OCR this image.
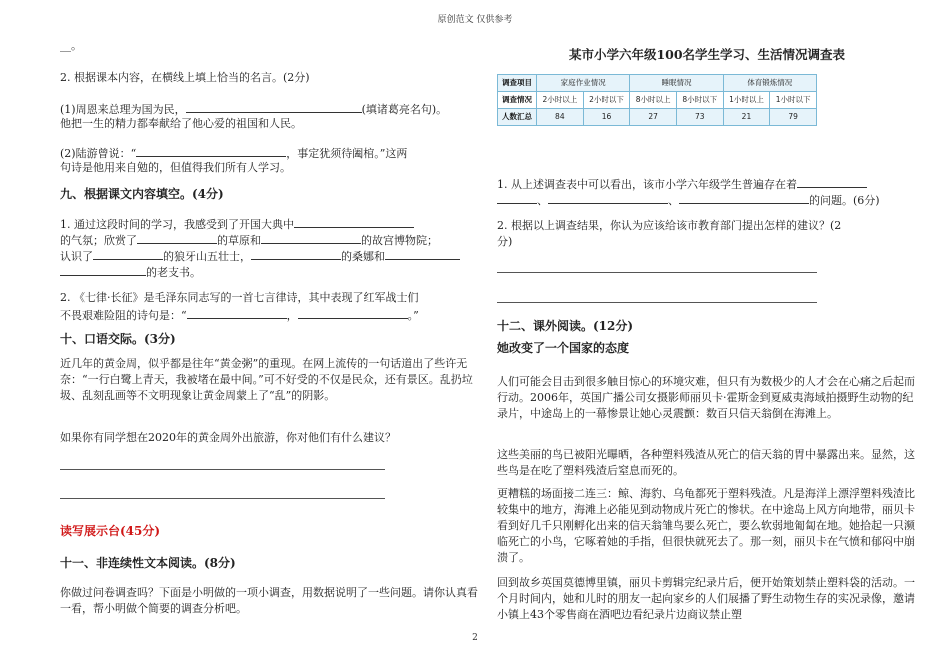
原创范文 仅供参考

__。

2. 根据课本内容，在横线上填上恰当的名言。(2分)

(1)周恩来总理为国为民，	(填诸葛亮名句)。

他把一生的精力都奉献给了他心爱的祖国和人民。

(2)陆游曾说：“	，事定犹须待阖棺。”这两

句诗是他用来自勉的，但值得我们所有人学习。

九、根据课文内容填空。(4分)

1. 通过这段时间的学习，我感受到了开国大典中

的气氛；欣赏了	的草原和	的故宫博物院；

认识了	的狼牙山五壮士，	的桑娜和

的老支书。

2. 《七律·长征》是毛泽东同志写的一首七言律诗，其中表现了红军战士们

不畏艰难险阻的诗句是：“	，	。”

十、口语交际。(3分)

近几年的黄金周，似乎都是往年“黄金粥”的重现。在网上流传的一句话道出了些许无奈：“一行白鹭上青天，我被堵在最中间。”可不好受的不仅是民众，还有景区。乱扔垃圾、乱刻乱画等不文明现象让黄金周蒙上了“乱”的阴影。

如果你有同学想在2020年的黄金周外出旅游，你对他们有什么建议？

读写展示台(45分)

十一、非连续性文本阅读。(8分)

你做过问卷调查吗？下面是小明做的一项小调查，用数据说明了一些问题。请你认真看一看，帮小明做个简要的调查分析吧。

某市小学六年级100名学生学习、生活情况调查表
调查项目	家庭作业情况		睡眠情况		体育锻炼情况	
调查情况	2小时以上	2小时以下	8小时以上	8小时以下	1小时以上	1小时以下
人数汇总	84	16	27	73	21	79

1. 从上述调查表中可以看出，该市小学六年级学生普遍存在着

、	、	的问题。(6分)

2. 根据以上调查结果，你认为应该给该市教育部门提出怎样的建议？(2

分)

十二、课外阅读。(12分)

她改变了一个国家的态度

人们可能会目击到很多触目惊心的环境灾难，但只有为数极少的人才会在心痛之后起而行动。2006年，英国广播公司女摄影师丽贝卡·霍斯金到夏威夷海域拍摄野生动物的纪录片，中途岛上的一幕惨景让她心灵震颤：数百只信天翁倒在海滩上。

这些美丽的鸟已被阳光曝晒，各种塑料残渣从死亡的信天翁的胃中暴露出来。显然，这些鸟是在吃了塑料残渣后窒息而死的。

更糟糕的场面接二连三：鲸、海豹、乌龟都死于塑料残渣。凡是海洋上漂浮塑料残渣比较集中的地方，海滩上必能见到动物成片死亡的惨状。在中途岛上风方向地带，丽贝卡看到好几千只刚孵化出来的信天翁雏鸟要么死亡，要么软弱地匍匐在地。她拾起一只濒临死亡的小鸟，它啄着她的手指，但很快就死去了。那一刻，丽贝卡在气愤和郁闷中崩溃了。

回到故乡英国莫德博里镇，丽贝卡剪辑完纪录片后，便开始策划禁止塑料袋的活动。一个月时间内，她和儿时的朋友一起向家乡的人们展播了野生动物生存的实况录像，邀请小镇上43个零售商在酒吧边看纪录片边商议禁止塑

2
